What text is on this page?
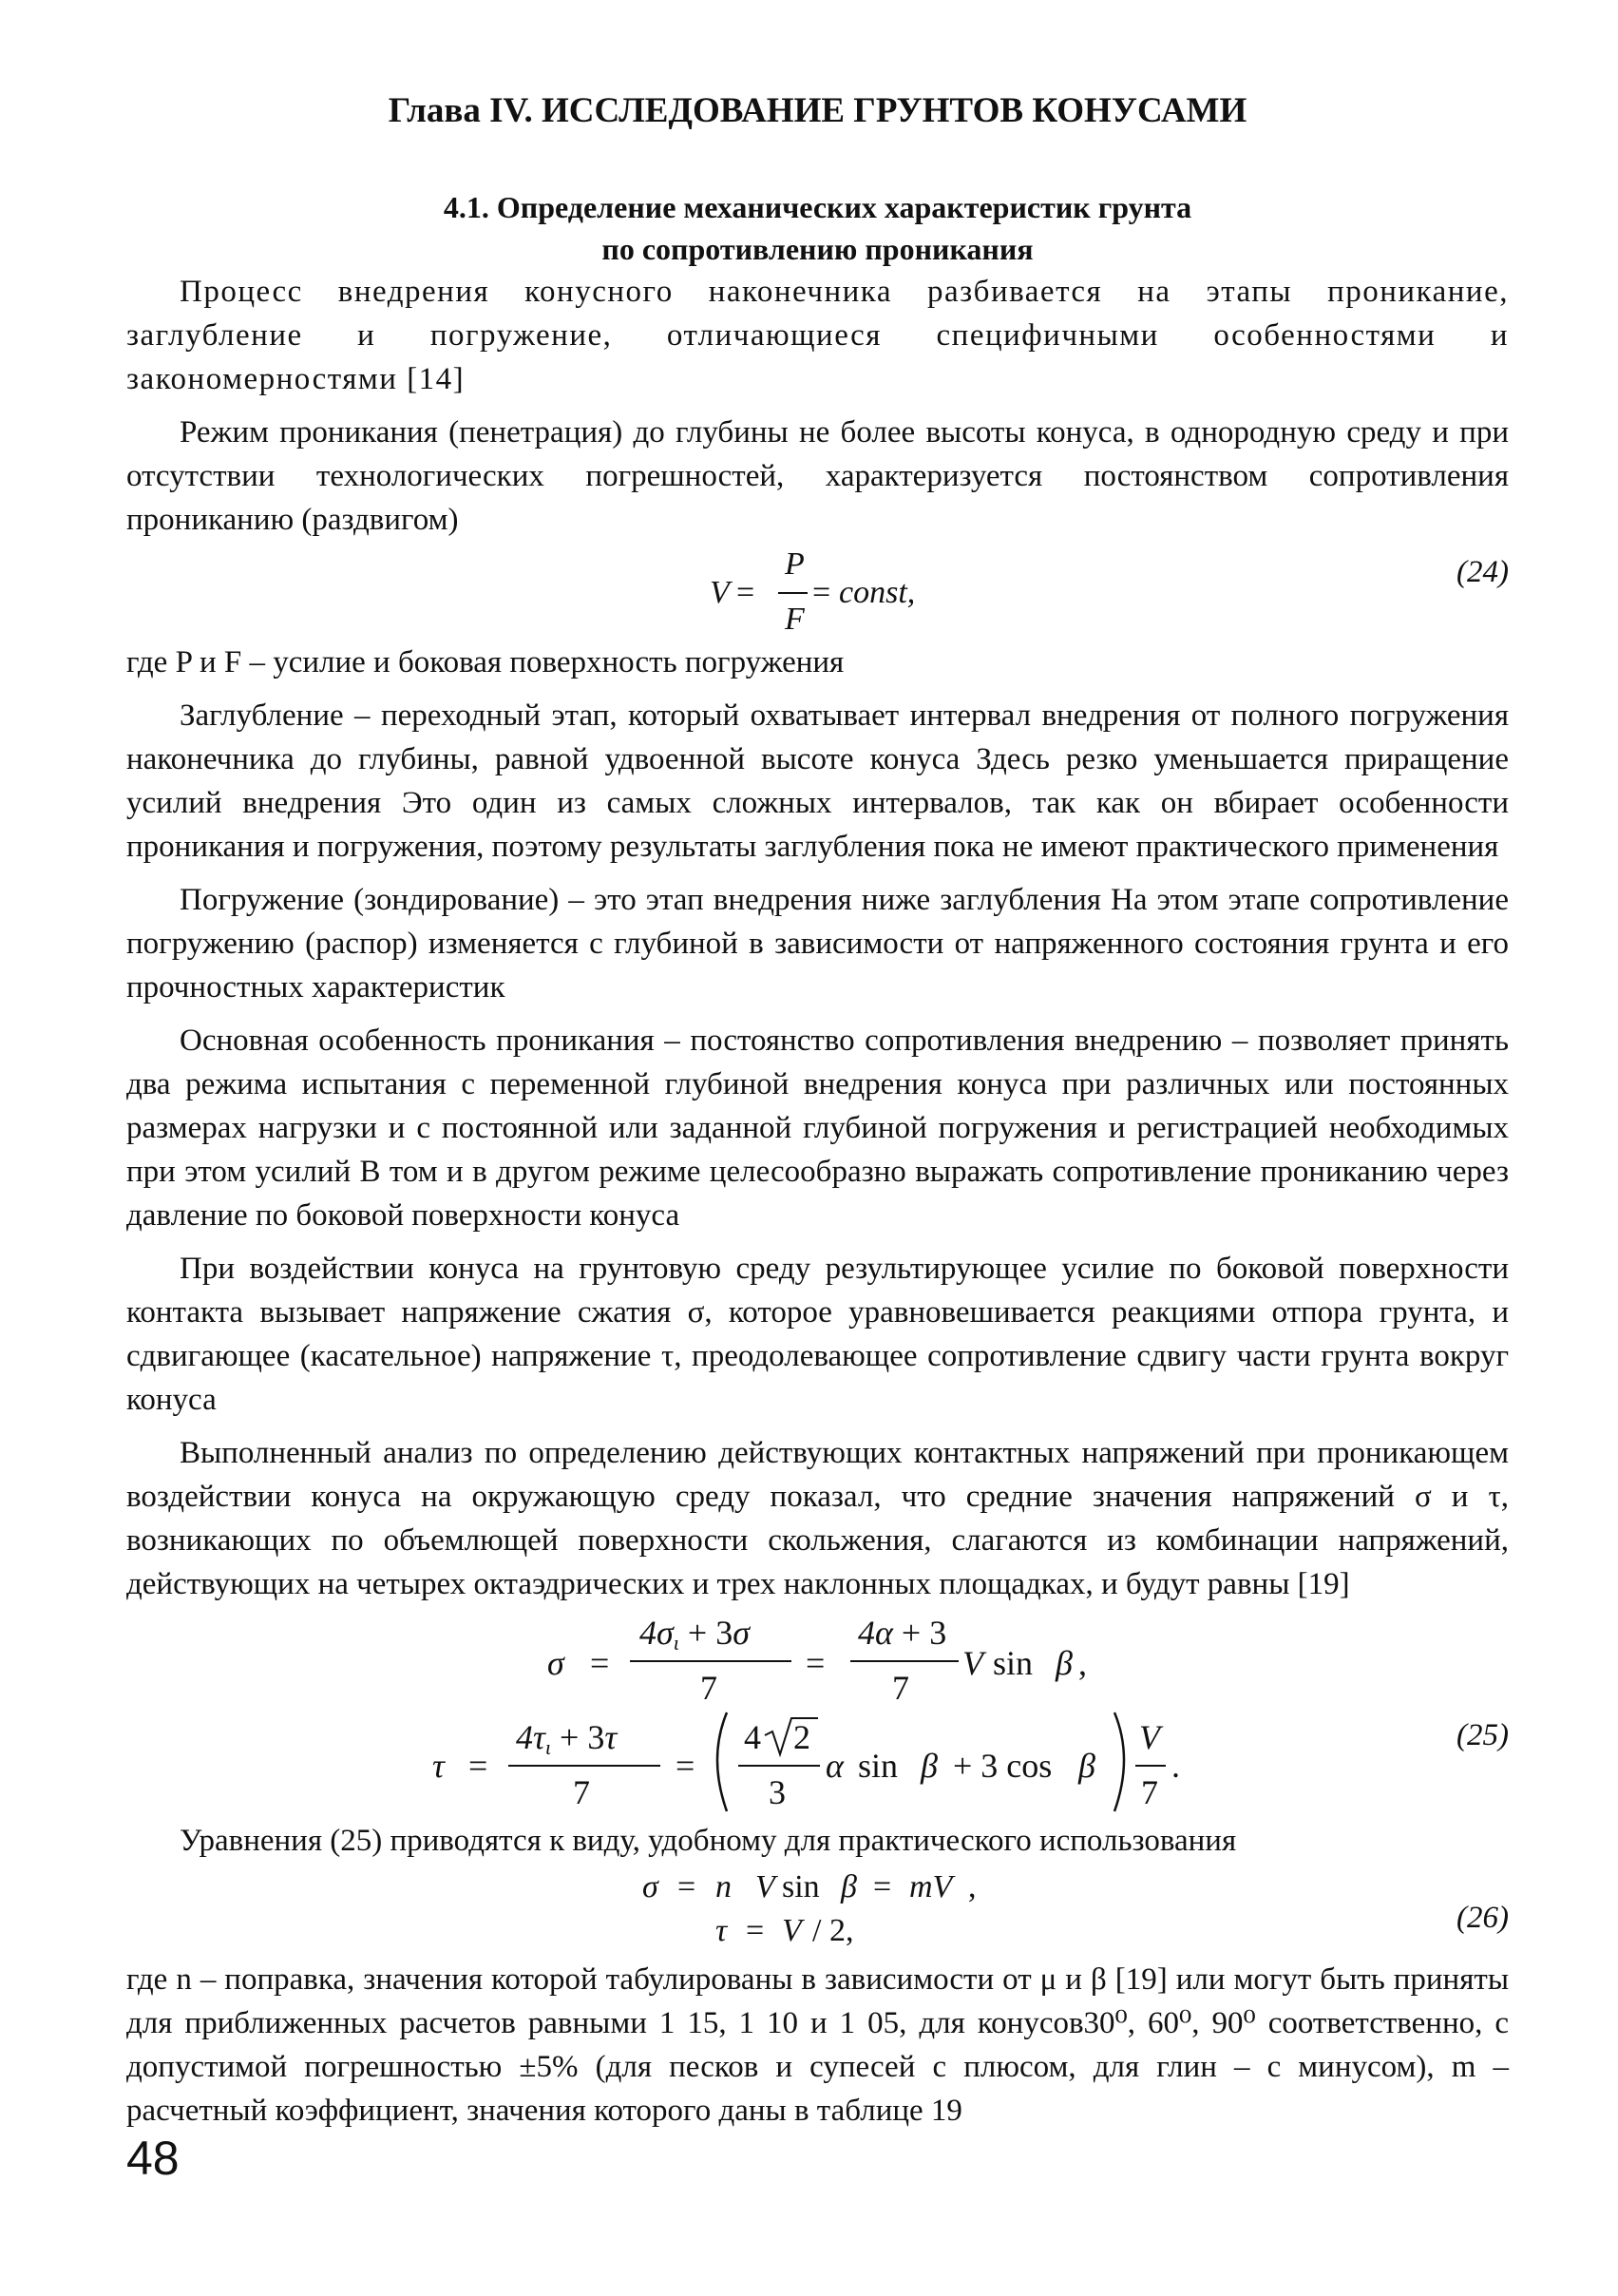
Глава IV. ИССЛЕДОВАНИЕ ГРУНТОВ КОНУСАМИ
4.1. Определение механических характеристик грунта
по сопротивлению проникания

Процесс внедрения конусного наконечника разбивается на этапы проникание, заглубление и погружение, отличающиеся специфичными особенностями и закономерностями [14]

Режим проникания (пенетрация) до глубины не более высоты конуса, в однородную среду и при отсутствии технологических погрешностей, характеризуется постоянством сопротивления прониканию (раздвигом)

V =
P
F
= const,
(24)

где P и F – усилие и боковая поверхность погружения

Заглубление – переходный этап, который охватывает интервал внедрения от полного погружения наконечника до глубины, равной удвоенной высоте конуса Здесь резко уменьшается приращение усилий внедрения Это один из самых сложных интервалов, так как он вбирает особенности проникания и погружения, поэтому результаты заглубления пока не имеют практического применения

Погружение (зондирование) – это этап внедрения ниже заглубления На этом этапе сопротивление погружению (распор) изменяется с глубиной в зависимости от напряженного состояния грунта и его прочностных характеристик

Основная особенность проникания – постоянство сопротивления внедрению – позволяет принять два режима испытания с переменной глубиной внедрения конуса при различных или постоянных размерах нагрузки и с постоянной или заданной глубиной погружения и регистрацией необходимых при этом усилий В том и в другом режиме целесообразно выражать сопротивление прониканию через давление по боковой поверхности конуса

При воздействии конуса на грунтовую среду результирующее усилие по боковой поверхности контакта вызывает напряжение сжатия σ, которое уравновешивается реакциями отпора грунта, и сдвигающее (касательное) напряжение τ, преодолевающее сопротивление сдвигу части грунта вокруг конуса

Выполненный анализ по определению действующих контактных напряжений при проникающем воздействии конуса на окружающую среду показал, что средние значения напряжений σ и τ, возникающих по объемлющей поверхности скольжения, слагаются из комбинации напряжений, действующих на четырех октаэдрических и трех наклонных площадках, и будут равны [19]

σ =
4σι + 3σ
7
=
4α + 3
7
V sin β ,
τ =
4τι + 3τ
7
=
4 2
3
α sin β + 3 cos β
V
7
.
(25)

Уравнения (25) приводятся к виду, удобному для практического использования

σ = n V sin β = mV ,
τ = V / 2,	(26)

где n – поправка, значения которой табулированы в зависимости от μ и β [19] или могут быть приняты для приближенных расчетов равными 1 15, 1 10 и 1 05, для конусов30⁰, 60⁰, 90⁰ соответственно, с допустимой погрешностью ±5% (для песков и супесей с плюсом, для глин – с минусом), m – расчетный коэффициент, значения которого даны в таблице 19

48
